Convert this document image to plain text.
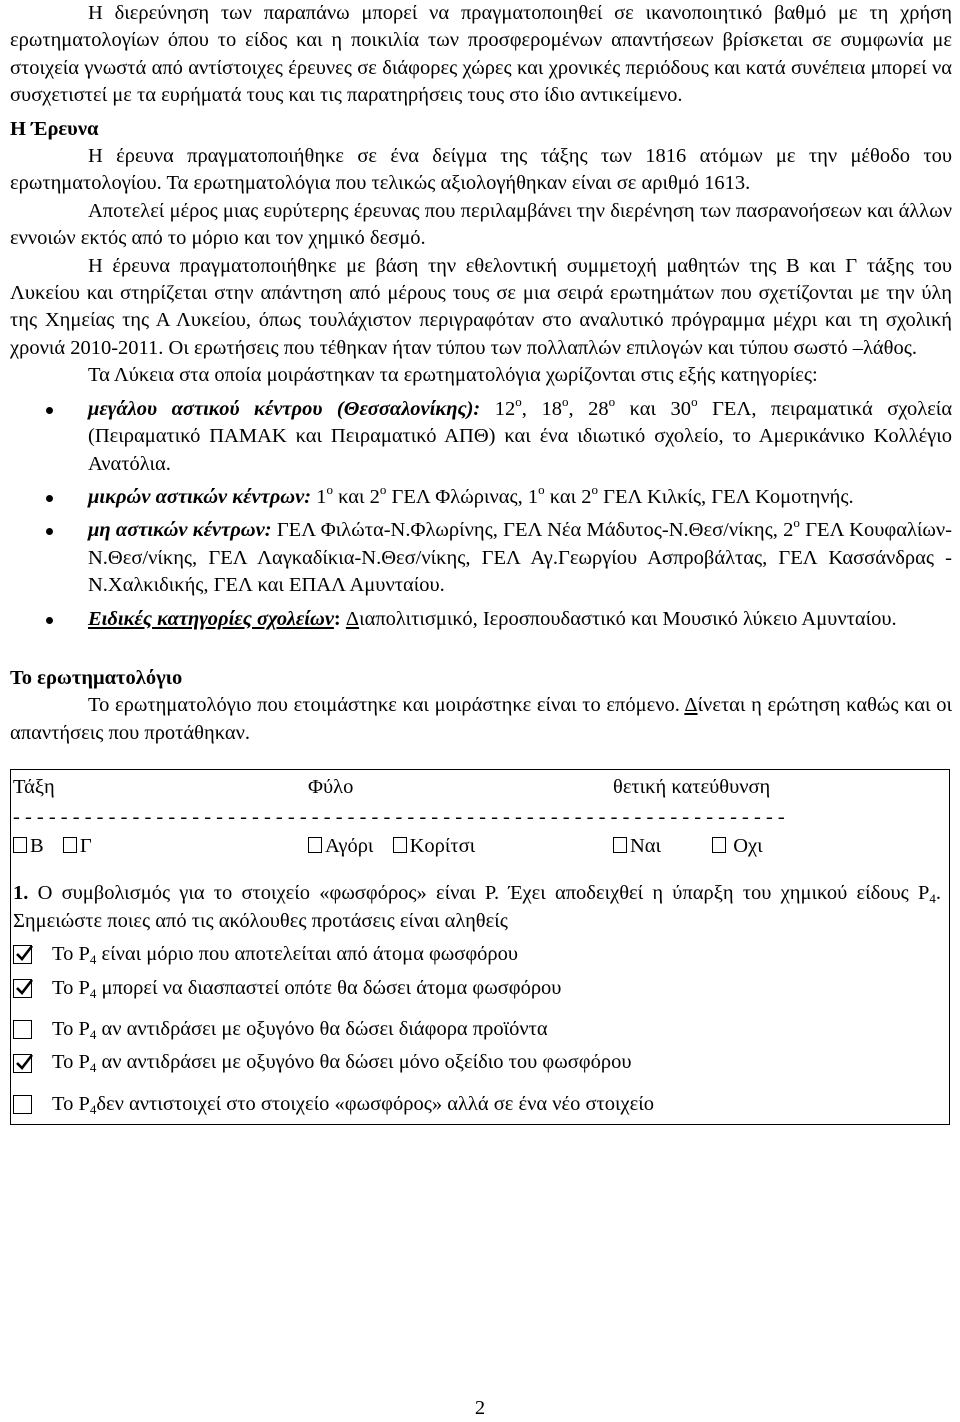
Η διερεύνηση των παραπάνω μπορεί να πραγματοποιηθεί σε ικανοποιητικό βαθμό με τη χρήση ερωτηματολογίων όπου το είδος και η ποικιλία των προσφερομένων απαντήσεων βρίσκεται σε συμφωνία με στοιχεία γνωστά από αντίστοιχες έρευνες σε διάφορες χώρες και χρονικές περιόδους και κατά συνέπεια μπορεί να συσχετιστεί με τα ευρήματά τους και τις παρατηρήσεις τους στο ίδιο αντικείμενο.

Η Έρευνα

Η έρευνα πραγματοποιήθηκε σε ένα δείγμα της τάξης των 1816 ατόμων με την μέθοδο του ερωτηματολογίου. Τα ερωτηματολόγια που τελικώς αξιολογήθηκαν είναι σε αριθμό 1613.

Αποτελεί μέρος μιας ευρύτερης έρευνας που περιλαμβάνει την διερένηση των πασρανοήσεων και άλλων εννοιών εκτός από το μόριο και τον χημικό δεσμό.

Η έρευνα πραγματοποιήθηκε με βάση την εθελοντική συμμετοχή μαθητών της Β και Γ τάξης του Λυκείου και στηρίζεται στην απάντηση από μέρους τους σε μια σειρά ερωτημάτων που σχετίζονται με την ύλη της Χημείας της Α Λυκείου, όπως τουλάχιστον περιγραφόταν στο αναλυτικό πρόγραμμα μέχρι και τη σχολική χρονιά 2010-2011. Οι ερωτήσεις που τέθηκαν ήταν τύπου των πολλαπλών επιλογών και τύπου σωστό –λάθος.

Τα Λύκεια στα οποία μοιράστηκαν τα ερωτηματολόγια χωρίζονται στις εξής κατηγορίες:

μεγάλου αστικού κέντρου (Θεσσαλονίκης): $12^o$, $18^o$, $28^o$ και $30^o$ ΓΕΛ, πειραματικά σχολεία (Πειραματικό ΠΑΜΑΚ και Πειραματικό ΑΠΘ) και ένα ιδιωτικό σχολείο, το Αμερικάνικο Κολλέγιο Ανατόλια.
μικρών αστικών κέντρων: $1^o$ και $2^o$ ΓΕΛ Φλώρινας, $1^o$ και $2^o$ ΓΕΛ Κιλκίς, ΓΕΛ Κομοτηνής.
μη αστικών κέντρων: ΓΕΛ Φιλώτα-Ν.Φλωρίνης, ΓΕΛ Νέα Μάδυτος-Ν.Θεσ/νίκης, $2^o$ ΓΕΛ Κουφαλίων-Ν.Θεσ/νίκης, ΓΕΛ Λαγκαδίκια-Ν.Θεσ/νίκης, ΓΕΛ Αγ.Γεωργίου Ασπροβάλτας, ΓΕΛ Κασσάνδρας - Ν.Χαλκιδικής, ΓΕΛ και ΕΠΑΛ Αμυνταίου.
Ειδικές κατηγορίες σχολείων: Διαπολιτισμικό, Ιεροσπουδαστικό και Μουσικό λύκειο Αμυνταίου.

Το ερωτηματολόγιο

Το ερωτηματολόγιο που ετοιμάστηκε και μοιράστηκε είναι το επόμενο. Δίνεται η ερώτηση καθώς και οι απαντήσεις που προτάθηκαν.

Τάξη	Φύλο	θετική κατεύθυνση
- - - - - - - - - - - - - - - - - - - - - - - - - - - - - - - - - - - - - - - - - - - - - - - - - - - - - - - - - - - - - - - - -
Β Γ	Αγόρι Κορίτσι	Ναι	Οχι

1. Ο συμβολισμός για το στοιχείο «φωσφόρος» είναι P. Έχει αποδειχθεί η ύπαρξη του χημικού είδους $P_4$. Σημειώστε ποιες από τις ακόλουθες προτάσεις είναι αληθείς

Το $P_4$ είναι μόριο που αποτελείται από άτομα φωσφόρου
Το $P_4$ μπορεί να διασπαστεί οπότε θα δώσει άτομα φωσφόρου
Το $P_4$ αν αντιδράσει με οξυγόνο θα δώσει διάφορα προϊόντα
Το $P_4$ αν αντιδράσει με οξυγόνο θα δώσει μόνο οξείδιο του φωσφόρου
Το $P_4\delta\varepsilon\nu$ αντιστοιχεί στο στοιχείο «φωσφόρος» αλλά σε ένα νέο στοιχείο
2
